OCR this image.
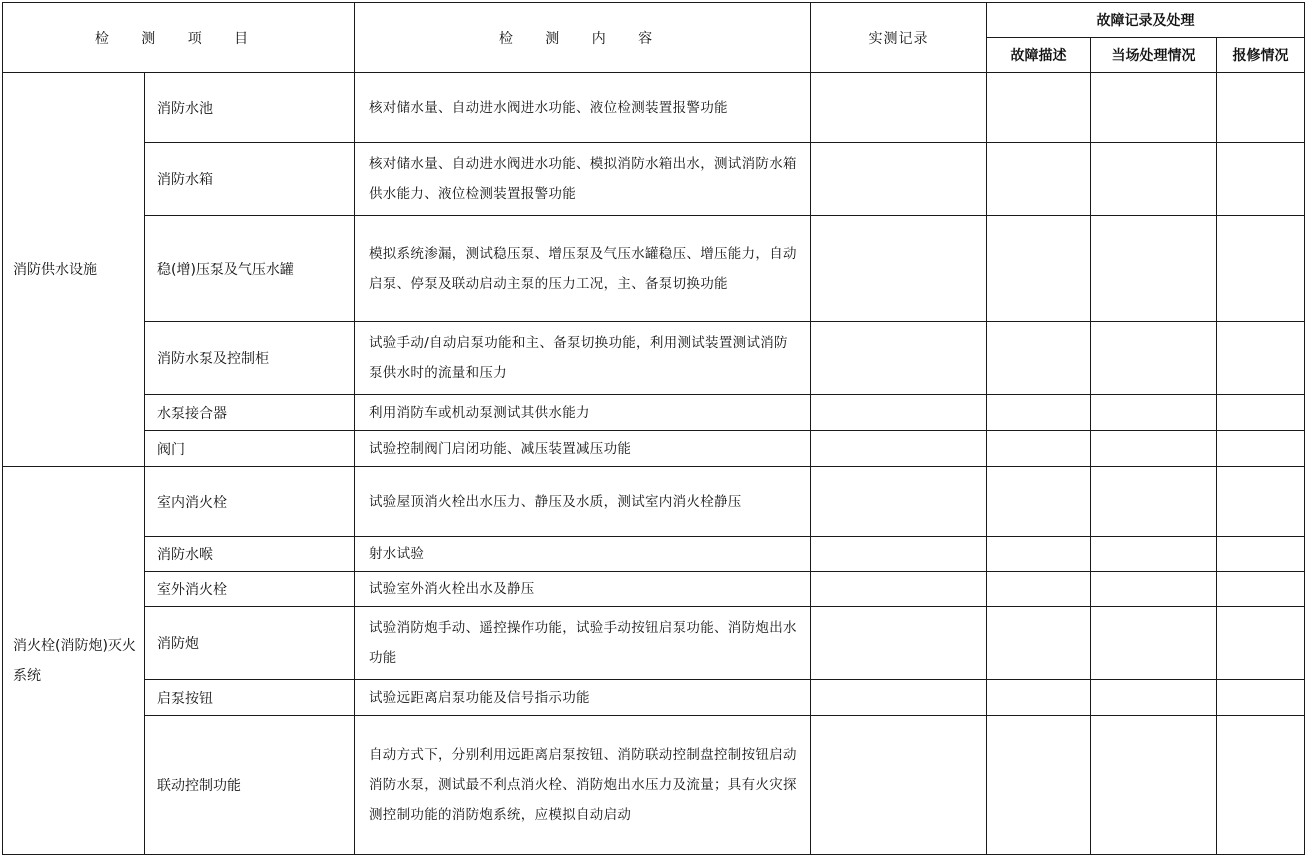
检 测 项 目		检 测 内 容	实测记录	故障记录及处理		
				故障描述	当场处理情况	报修情况
消防供水设施	消防水池	核对储水量、自动进水阀进水功能、液位检测装置报警功能				
	消防水箱	核对储水量、自动进水阀进水功能、模拟消防水箱出水，测试消防水箱供水能力、液位检测装置报警功能				
	稳(增)压泵及气压水罐	模拟系统渗漏，测试稳压泵、增压泵及气压水罐稳压、增压能力，自动启泵、停泵及联动启动主泵的压力工况，主、备泵切换功能				
	消防水泵及控制柜	试验手动/自动启泵功能和主、备泵切换功能，利用测试装置测试消防泵供水时的流量和压力				
	水泵接合器	利用消防车或机动泵测试其供水能力				
	阀门	试验控制阀门启闭功能、减压装置减压功能				
消火栓(消防炮)灭火系统	室内消火栓	试验屋顶消火栓出水压力、静压及水质，测试室内消火栓静压				
	消防水喉	射水试验				
	室外消火栓	试验室外消火栓出水及静压				
	消防炮	试验消防炮手动、遥控操作功能，试验手动按钮启泵功能、消防炮出水功能				
	启泵按钮	试验远距离启泵功能及信号指示功能				
	联动控制功能	自动方式下，分别利用远距离启泵按钮、消防联动控制盘控制按钮启动消防水泵，测试最不利点消火栓、消防炮出水压力及流量；具有火灾探测控制功能的消防炮系统，应模拟自动启动				
